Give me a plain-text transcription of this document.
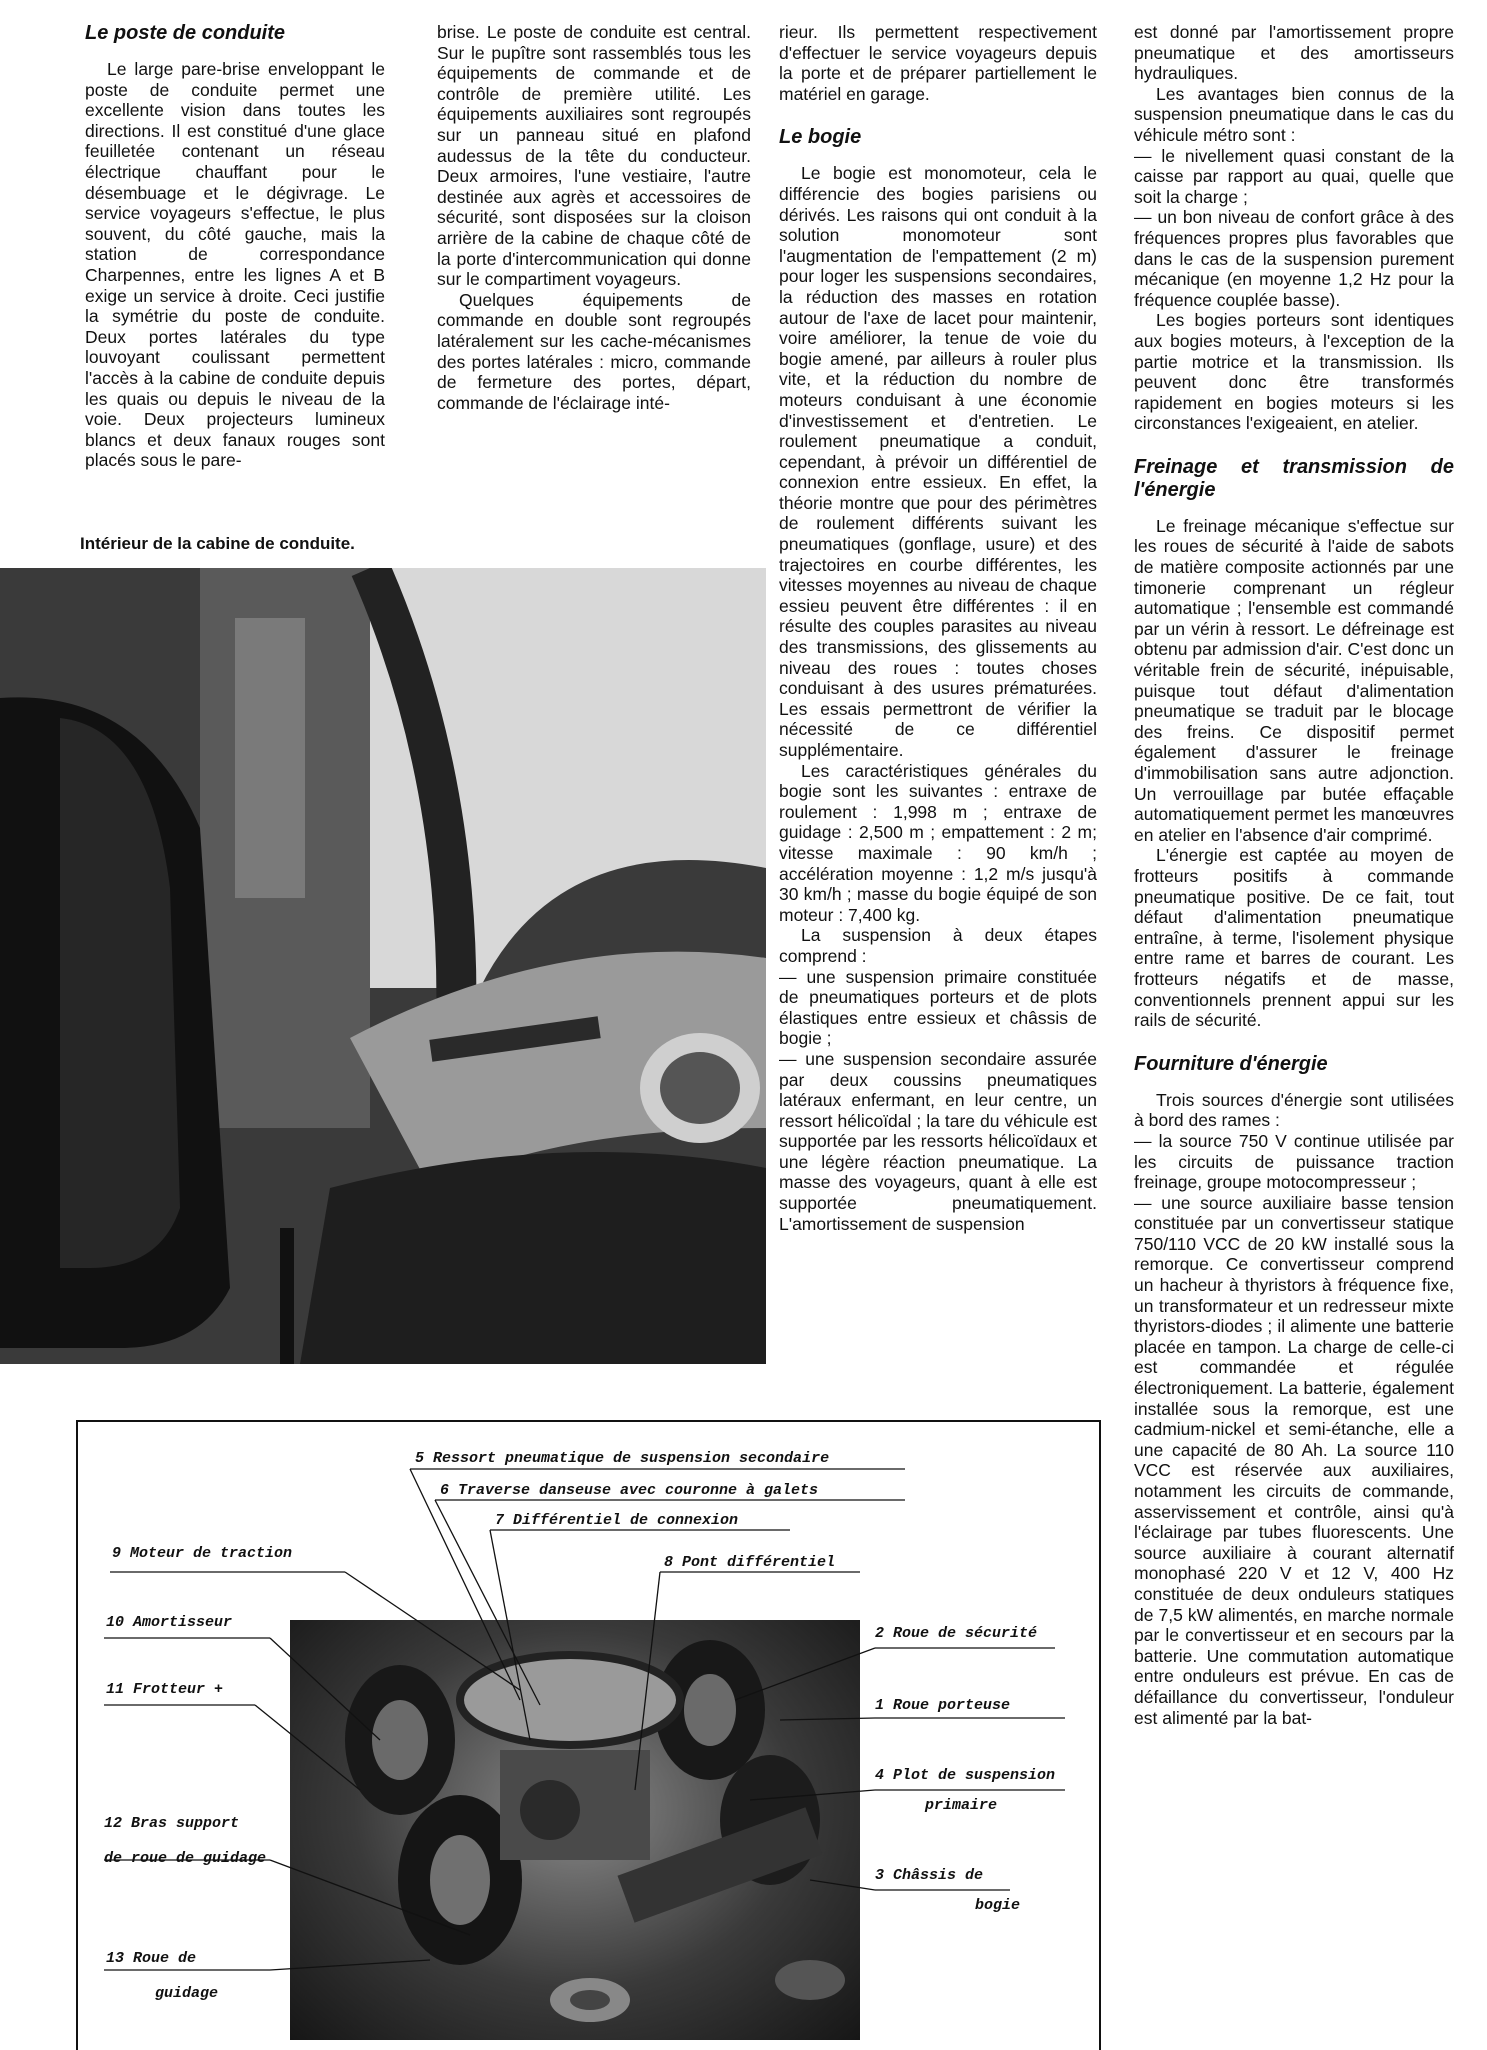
Le poste de conduite

Le large pare-brise enveloppant le poste de conduite permet une excellente vision dans toutes les directions. Il est constitué d'une glace feuilletée contenant un réseau électrique chauffant pour le désembuage et le dégivrage. Le service voyageurs s'effectue, le plus souvent, du côté gauche, mais la station de correspondance Charpennes, entre les lignes A et B exige un service à droite. Ceci justifie la symétrie du poste de conduite. Deux portes latérales du type louvoyant coulissant permettent l'accès à la cabine de conduite depuis les quais ou depuis le niveau de la voie. Deux projecteurs lumineux blancs et deux fanaux rouges sont placés sous le pare-

Intérieur de la cabine de conduite.

brise. Le poste de conduite est central. Sur le pupître sont rassemblés tous les équipements de commande et de contrôle de première utilité. Les équipements auxiliaires sont regroupés sur un panneau situé en plafond audessus de la tête du conducteur. Deux armoires, l'une vestiaire, l'autre destinée aux agrès et accessoires de sécurité, sont disposées sur la cloison arrière de la cabine de chaque côté de la porte d'intercommunication qui donne sur le compartiment voyageurs.

Quelques équipements de commande en double sont regroupés latéralement sur les cache-mécanismes des portes latérales : micro, commande de fermeture des portes, départ, commande de l'éclairage inté-

rieur. Ils permettent respectivement d'effectuer le service voyageurs depuis la porte et de préparer partiellement le matériel en garage.

Le bogie

Le bogie est monomoteur, cela le différencie des bogies parisiens ou dérivés. Les raisons qui ont conduit à la solution monomoteur sont l'augmentation de l'empattement (2 m) pour loger les suspensions secondaires, la réduction des masses en rotation autour de l'axe de lacet pour maintenir, voire améliorer, la tenue de voie du bogie amené, par ailleurs à rouler plus vite, et la réduction du nombre de moteurs conduisant à une économie d'investissement et d'entretien. Le roulement pneumatique a conduit, cependant, à prévoir un différentiel de connexion entre essieux. En effet, la théorie montre que pour des périmètres de roulement différents suivant les pneumatiques (gonflage, usure) et des trajectoires en courbe différentes, les vitesses moyennes au niveau de chaque essieu peuvent être différentes : il en résulte des couples parasites au niveau des transmissions, des glissements au niveau des roues : toutes choses conduisant à des usures prématurées. Les essais permettront de vérifier la nécessité de ce différentiel supplémentaire.

Les caractéristiques générales du bogie sont les suivantes : entraxe de roulement : 1,998 m ; entraxe de guidage : 2,500 m ; empattement : 2 m; vitesse maximale : 90 km/h ; accélération moyenne : 1,2 m/s jusqu'à 30 km/h ; masse du bogie équipé de son moteur : 7,400 kg.

La suspension à deux étapes comprend :

— une suspension primaire constituée de pneumatiques porteurs et de plots élastiques entre essieux et châssis de bogie ;

— une suspension secondaire assurée par deux coussins pneumatiques latéraux enfermant, en leur centre, un ressort hélicoïdal ; la tare du véhicule est supportée par les ressorts hélicoïdaux et une légère réaction pneumatique. La masse des voyageurs, quant à elle est supportée pneumatiquement. L'amortissement de suspension

est donné par l'amortissement propre pneumatique et des amortisseurs hydrauliques.

Les avantages bien connus de la suspension pneumatique dans le cas du véhicule métro sont :

— le nivellement quasi constant de la caisse par rapport au quai, quelle que soit la charge ;

— un bon niveau de confort grâce à des fréquences propres plus favorables que dans le cas de la suspension purement mécanique (en moyenne 1,2 Hz pour la fréquence couplée basse).

Les bogies porteurs sont identiques aux bogies moteurs, à l'exception de la partie motrice et la transmission. Ils peuvent donc être transformés rapidement en bogies moteurs si les circonstances l'exigeaient, en atelier.

Freinage et transmission de l'énergie

Le freinage mécanique s'effectue sur les roues de sécurité à l'aide de sabots de matière composite actionnés par une timonerie comprenant un régleur automatique ; l'ensemble est commandé par un vérin à ressort. Le défreinage est obtenu par admission d'air. C'est donc un véritable frein de sécurité, inépuisable, puisque tout défaut d'alimentation pneumatique se traduit par le blocage des freins. Ce dispositif permet également d'assurer le freinage d'immobilisation sans autre adjonction. Un verrouillage par butée effaçable automatiquement permet les manœuvres en atelier en l'absence d'air comprimé.

L'énergie est captée au moyen de frotteurs positifs à commande pneumatique positive. De ce fait, tout défaut d'alimentation pneumatique entraîne, à terme, l'isolement physique entre rame et barres de courant. Les frotteurs négatifs et de masse, conventionnels prennent appui sur les rails de sécurité.

Fourniture d'énergie

Trois sources d'énergie sont utilisées à bord des rames :

— la source 750 V continue utilisée par les circuits de puissance traction freinage, groupe motocompresseur ;

— une source auxiliaire basse tension constituée par un convertisseur statique 750/110 VCC de 20 kW installé sous la remorque. Ce convertisseur comprend un hacheur à thyristors à fréquence fixe, un transformateur et un redresseur mixte thyristors-diodes ; il alimente une batterie placée en tampon. La charge de celle-ci est commandée et régulée électroniquement. La batterie, également installée sous la remorque, est une cadmium-nickel et semi-étanche, elle a une capacité de 80 Ah. La source 110 VCC est réservée aux auxiliaires, notamment les circuits de commande, asservissement et contrôle, ainsi qu'à l'éclairage par tubes fluorescents. Une source auxiliaire à courant alternatif monophasé 220 V et 12 V, 400 Hz constituée de deux onduleurs statiques de 7,5 kW alimentés, en marche normale par le convertisseur et en secours par la batterie. Une commutation automatique entre onduleurs est prévue. En cas de défaillance du convertisseur, l'onduleur est alimenté par la bat-

5 Ressort pneumatique de suspension secondaire
6 Traverse danseuse avec couronne à galets
7 Différentiel de connexion
8 Pont différentiel
9 Moteur de traction
10 Amortisseur
11 Frotteur +
12 Bras support
de roue de guidage
13 Roue de
guidage
2 Roue de sécurité
1 Roue porteuse
4 Plot de suspension
primaire
3 Châssis de
bogie
